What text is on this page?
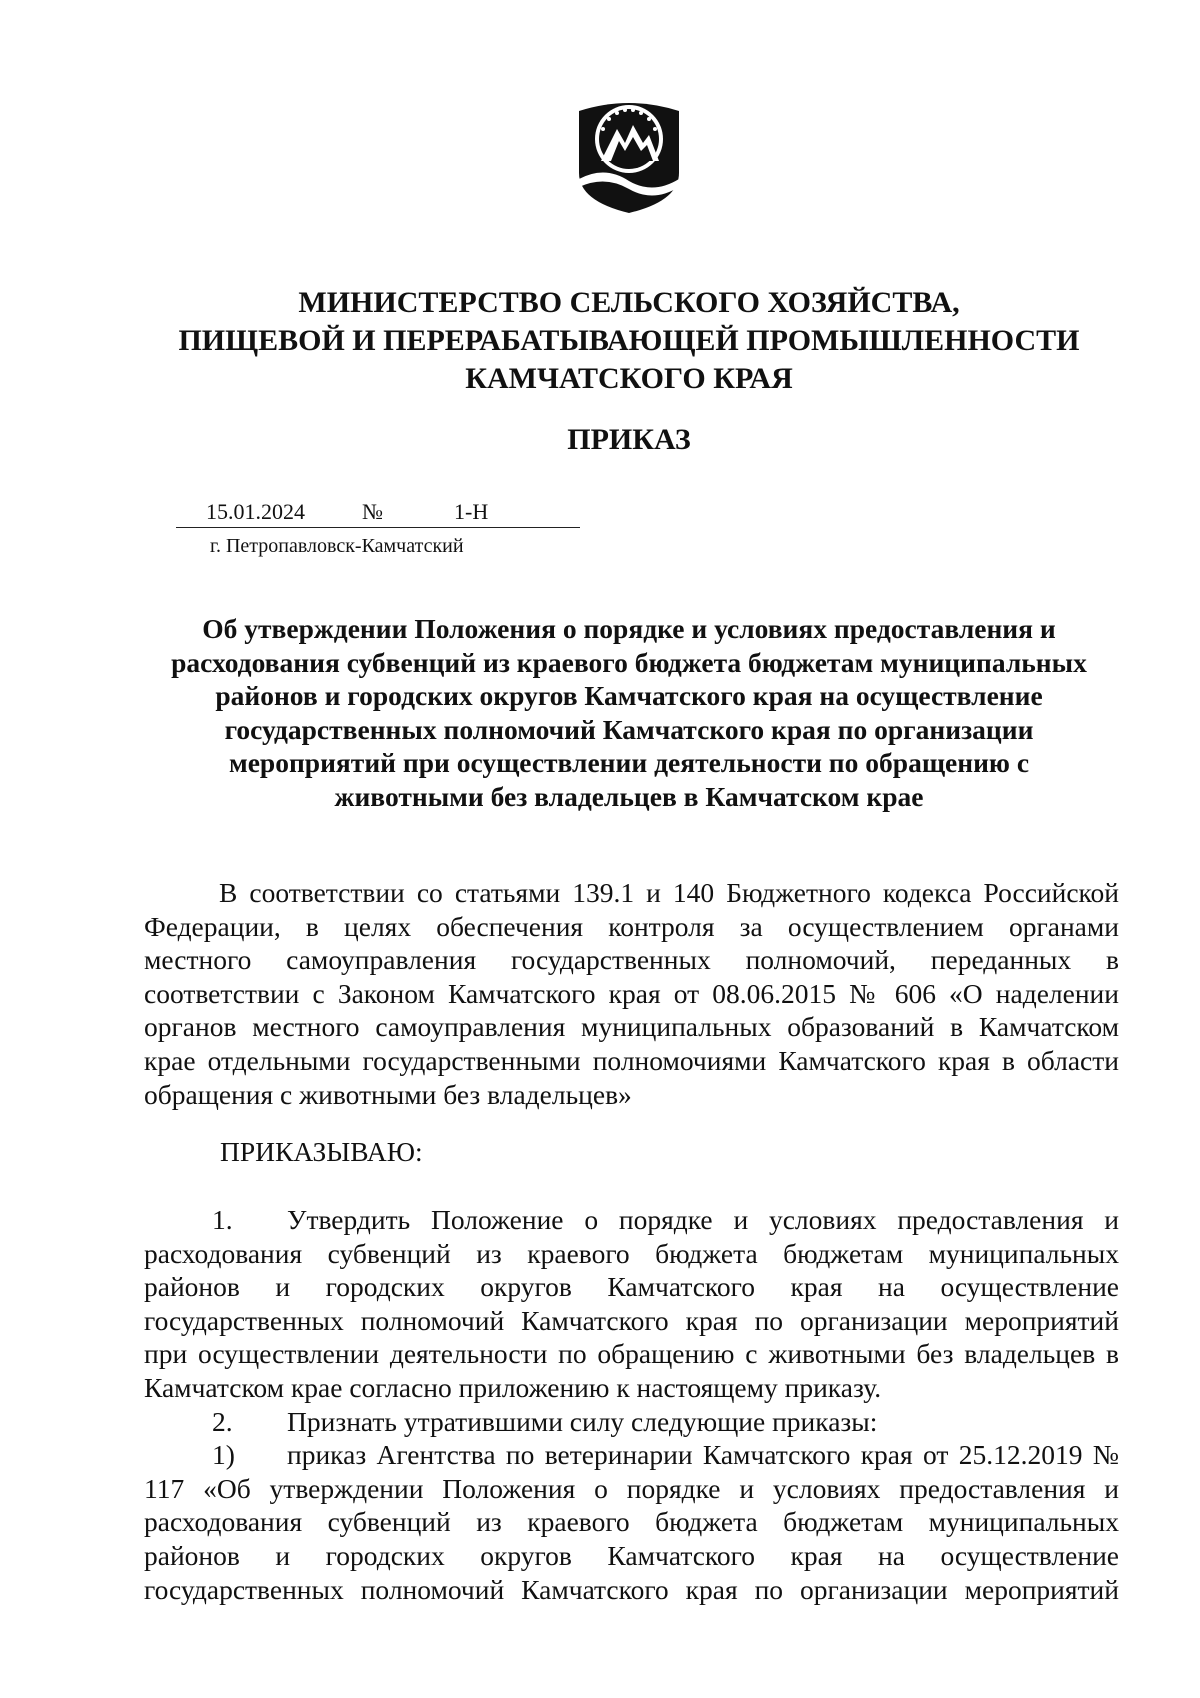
МИНИСТЕРСТВО СЕЛЬСКОГО ХОЗЯЙСТВА,
ПИЩЕВОЙ И ПЕРЕРАБАТЫВАЮЩЕЙ ПРОМЫШЛЕННОСТИ
КАМЧАТСКОГО КРАЯ
ПРИКАЗ
15.01.2024	№	1-Н
г. Петропавловск-Камчатский
Об утверждении Положения о порядке и условиях предоставления и
расходования субвенций из краевого бюджета бюджетам муниципальных
районов и городских округов Камчатского края на осуществление
государственных полномочий Камчатского края по организации
мероприятий при осуществлении деятельности по обращению с
животными без владельцев в Камчатском крае
В соответствии со статьями 139.1 и 140 Бюджетного кодекса Российской
Федерации, в целях обеспечения контроля за осуществлением органами
местного самоуправления государственных полномочий, переданных в
соответствии с Законом Камчатского края от 08.06.2015 № 606 «О наделении
органов местного самоуправления муниципальных образований в Камчатском
крае отдельными государственными полномочиями Камчатского края в области
обращения с животными без владельцев»
ПРИКАЗЫВАЮ:
1. Утвердить Положение о порядке и условиях предоставления и
расходования субвенций из краевого бюджета бюджетам муниципальных
районов и городских округов Камчатского края на осуществление
государственных полномочий Камчатского края по организации мероприятий
при осуществлении деятельности по обращению с животными без владельцев в
Камчатском крае согласно приложению к настоящему приказу.
2. Признать утратившими силу следующие приказы:
1) приказ Агентства по ветеринарии Камчатского края от 25.12.2019 №
117 «Об утверждении Положения о порядке и условиях предоставления и
расходования субвенций из краевого бюджета бюджетам муниципальных
районов и городских округов Камчатского края на осуществление
государственных полномочий Камчатского края по организации мероприятий
